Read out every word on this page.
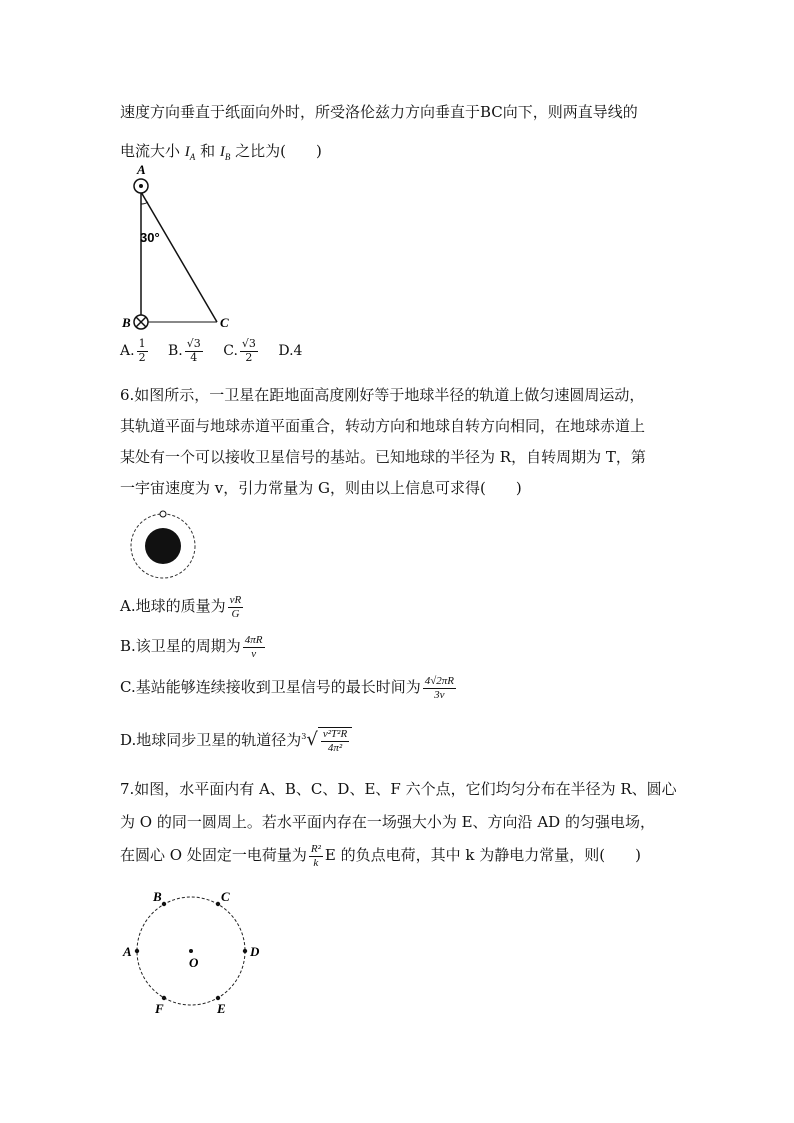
速度方向垂直于纸面向外时，所受洛伦兹力方向垂直于BC向下，则两直导线的
电流大小 $I_A$ 和 $I_B$ 之比为(　　)
A
B	C
30°
A. $\frac{1}{2} B$. $\frac{√3}{4} C$. $\frac{√3}{2} D.4$
6.如图所示，一卫星在距地面高度刚好等于地球半径的轨道上做匀速圆周运动，
其轨道平面与地球赤道平面重合，转动方向和地球自转方向相同，在地球赤道上
某处有一个可以接收卫星信号的基站。已知地球的半径为 R，自转周期为 T，第
一宇宙速度为 v，引力常量为 G，则由以上信息可求得(　　)
A.地球的质量为 $\frac{vR}{G}$
B.该卫星的周期为 $\frac{4\pi R}{v}$
C.基站能够连续接收到卫星信号的最长时间为 $\frac{4√2\pi R}{3v}$
D.地球同步卫星的轨道径为$^3√ \frac{\text{v²T²R}}{\text{4π²}}$
7.如图，水平面内有 A、B、C、D、E、F 六个点，它们均匀分布在半径为 R、圆心
为 O 的同一圆周上。若水平面内存在一场强大小为 E、方向沿 AD 的匀强电场，
在圆心 O 处固定一电荷量为 $\frac{\text{R²}}{k}$ E 的负点电荷，其中 k 为静电力常量，则(　　)
A
B	C
D
E
F
O
